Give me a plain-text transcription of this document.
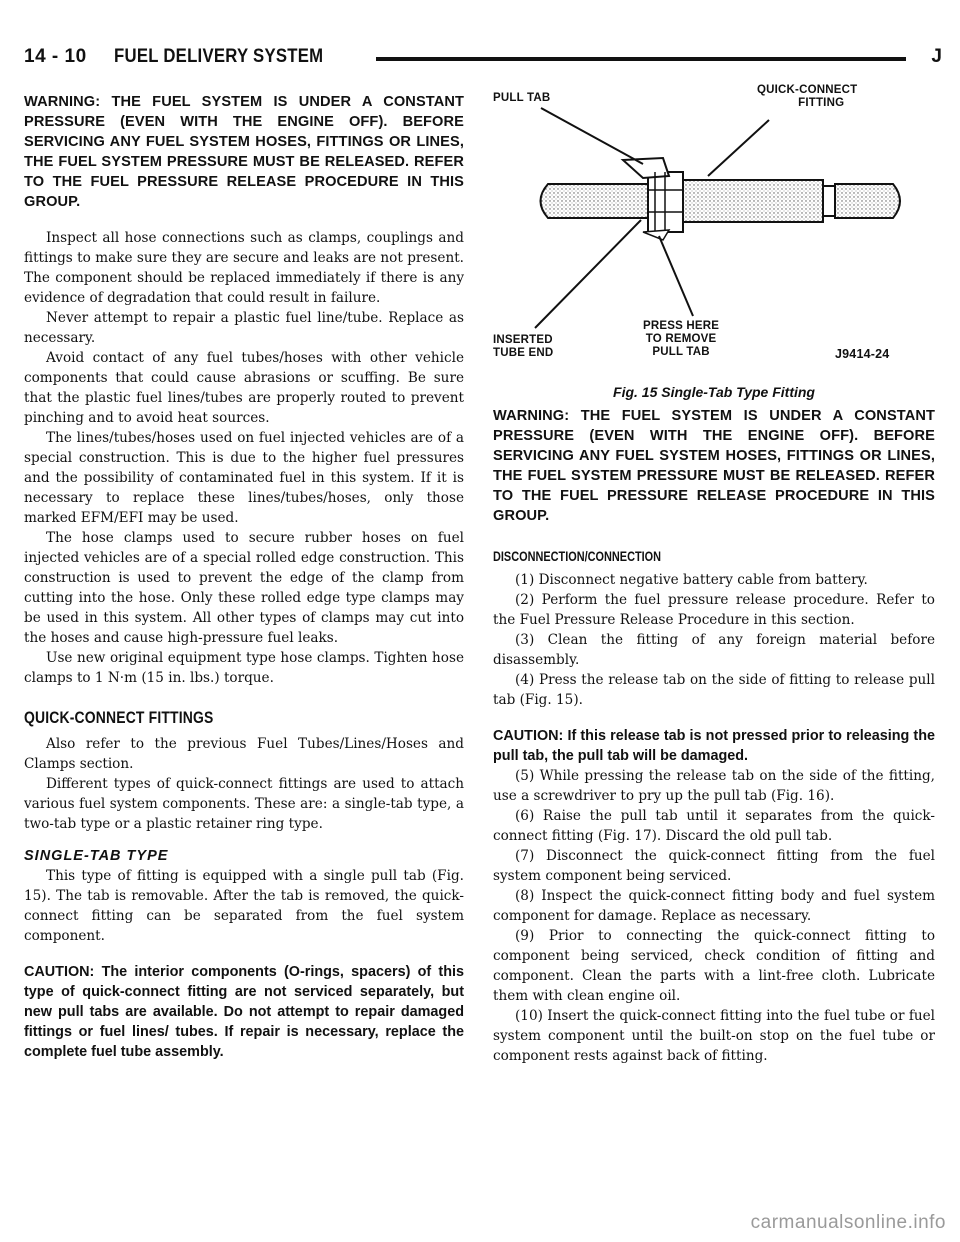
14 - 10 FUEL DELIVERY SYSTEM	J

WARNING: THE FUEL SYSTEM IS UNDER A CONSTANT PRESSURE (EVEN WITH THE ENGINE OFF). BEFORE SERVICING ANY FUEL SYSTEM HOSES, FITTINGS OR LINES, THE FUEL SYSTEM PRESSURE MUST BE RELEASED. REFER TO THE FUEL PRESSURE RELEASE PROCEDURE IN THIS GROUP.

Inspect all hose connections such as clamps, couplings and fittings to make sure they are secure and leaks are not present. The component should be replaced immediately if there is any evidence of degradation that could result in failure.

Never attempt to repair a plastic fuel line/tube. Replace as necessary.

Avoid contact of any fuel tubes/hoses with other vehicle components that could cause abrasions or scuffing. Be sure that the plastic fuel lines/tubes are properly routed to prevent pinching and to avoid heat sources.

The lines/tubes/hoses used on fuel injected vehicles are of a special construction. This is due to the higher fuel pressures and the possibility of contaminated fuel in this system. If it is necessary to replace these lines/tubes/hoses, only those marked EFM/EFI may be used.

The hose clamps used to secure rubber hoses on fuel injected vehicles are of a special rolled edge construction. This construction is used to prevent the edge of the clamp from cutting into the hose. Only these rolled edge type clamps may be used in this system. All other types of clamps may cut into the hoses and cause high-pressure fuel leaks.

Use new original equipment type hose clamps. Tighten hose clamps to 1 N·m (15 in. lbs.) torque.

QUICK-CONNECT FITTINGS

Also refer to the previous Fuel Tubes/Lines/Hoses and Clamps section.

Different types of quick-connect fittings are used to attach various fuel system components. These are: a single-tab type, a two-tab type or a plastic retainer ring type.

SINGLE-TAB TYPE

This type of fitting is equipped with a single pull tab (Fig. 15). The tab is removable. After the tab is removed, the quick-connect fitting can be separated from the fuel system component.

CAUTION: The interior components (O-rings, spacers) of this type of quick-connect fitting are not serviced separately, but new pull tabs are available. Do not attempt to repair damaged fittings or fuel lines/ tubes. If repair is necessary, replace the complete fuel tube assembly.

PULL TAB
QUICK-CONNECT
FITTING
INSERTED
TUBE END
PRESS HERE
TO REMOVE
PULL TAB	J9414-24
Fig. 15 Single-Tab Type Fitting

WARNING: THE FUEL SYSTEM IS UNDER A CONSTANT PRESSURE (EVEN WITH THE ENGINE OFF). BEFORE SERVICING ANY FUEL SYSTEM HOSES, FITTINGS OR LINES, THE FUEL SYSTEM PRESSURE MUST BE RELEASED. REFER TO THE FUEL PRESSURE RELEASE PROCEDURE IN THIS GROUP.

DISCONNECTION/CONNECTION

(1) Disconnect negative battery cable from battery.

(2) Perform the fuel pressure release procedure. Refer to the Fuel Pressure Release Procedure in this section.

(3) Clean the fitting of any foreign material before disassembly.

(4) Press the release tab on the side of fitting to release pull tab (Fig. 15).

CAUTION: If this release tab is not pressed prior to releasing the pull tab, the pull tab will be damaged.

(5) While pressing the release tab on the side of the fitting, use a screwdriver to pry up the pull tab (Fig. 16).

(6) Raise the pull tab until it separates from the quick-connect fitting (Fig. 17). Discard the old pull tab.

(7) Disconnect the quick-connect fitting from the fuel system component being serviced.

(8) Inspect the quick-connect fitting body and fuel system component for damage. Replace as necessary.

(9) Prior to connecting the quick-connect fitting to component being serviced, check condition of fitting and component. Clean the parts with a lint-free cloth. Lubricate them with clean engine oil.

(10) Insert the quick-connect fitting into the fuel tube or fuel system component until the built-on stop on the fuel tube or component rests against back of fitting.

carmanualsonline.info
